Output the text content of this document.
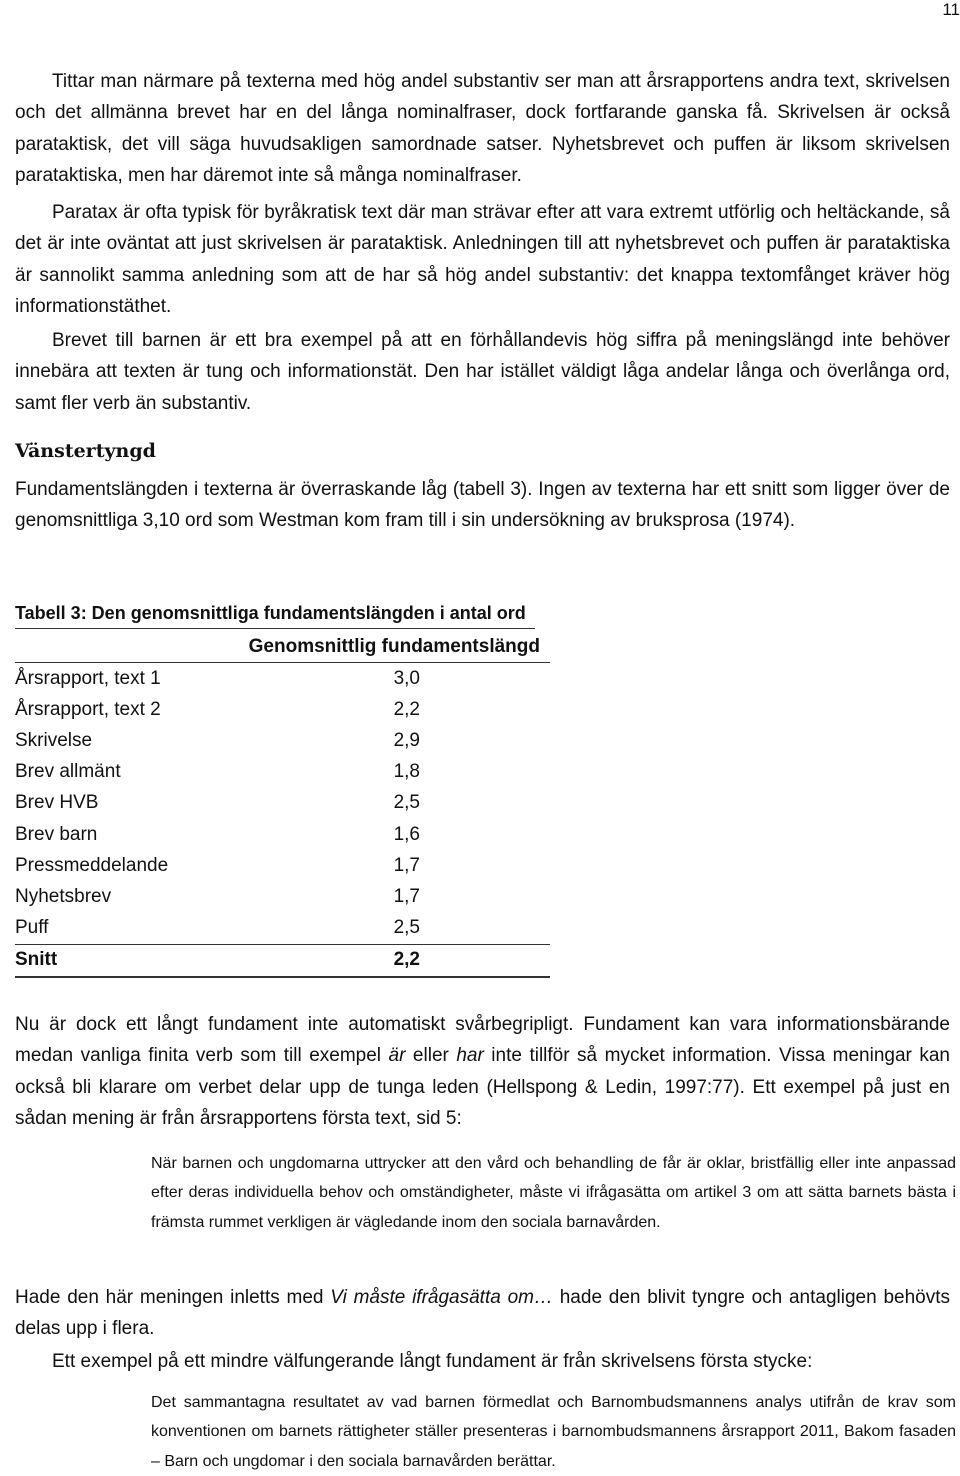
11

Tittar man närmare på texterna med hög andel substantiv ser man att årsrapportens andra text, skrivelsen och det allmänna brevet har en del långa nominalfraser, dock fortfarande ganska få. Skrivelsen är också parataktisk, det vill säga huvudsakligen samordnade satser. Nyhetsbrevet och puffen är liksom skrivelsen parataktiska, men har däremot inte så många nominalfraser.

Paratax är ofta typisk för byråkratisk text där man strävar efter att vara extremt utförlig och heltäckande, så det är inte oväntat att just skrivelsen är parataktisk. Anledningen till att nyhetsbrevet och puffen är parataktiska är sannolikt samma anledning som att de har så hög andel substantiv: det knappa textomfånget kräver hög informationstäthet.

Brevet till barnen är ett bra exempel på att en förhållandevis hög siffra på meningslängd inte behöver innebära att texten är tung och informationstät. Den har istället väldigt låga andelar långa och överlånga ord, samt fler verb än substantiv.

Vänstertyngd

Fundamentslängden i texterna är överraskande låg (tabell 3). Ingen av texterna har ett snitt som ligger över de genomsnittliga 3,10 ord som Westman kom fram till i sin undersökning av bruksprosa (1974).

Tabell 3: Den genomsnittliga fundamentslängden i antal ord
Genomsnittlig fundamentslängd		
Årsrapport, text 1	3,0	
Årsrapport, text 2	2,2	
Skrivelse	2,9	
Brev allmänt	1,8	
Brev HVB	2,5	
Brev barn	1,6	
Pressmeddelande	1,7	
Nyhetsbrev	1,7	
Puff	2,5	
Snitt	2,2	

Nu är dock ett långt fundament inte automatiskt svårbegripligt. Fundament kan vara informationsbärande medan vanliga finita verb som till exempel är eller har inte tillför så mycket information. Vissa meningar kan också bli klarare om verbet delar upp de tunga leden (Hellspong & Ledin, 1997:77). Ett exempel på just en sådan mening är från årsrapportens första text, sid 5:

När barnen och ungdomarna uttrycker att den vård och behandling de får är oklar, bristfällig eller inte anpassad efter deras individuella behov och omständigheter, måste vi ifrågasätta om artikel 3 om att sätta barnets bästa i främsta rummet verkligen är vägledande inom den sociala barnavården.

Hade den här meningen inletts med Vi måste ifrågasätta om… hade den blivit tyngre och antagligen behövts delas upp i flera.

Ett exempel på ett mindre välfungerande långt fundament är från skrivelsens första stycke:

Det sammantagna resultatet av vad barnen förmedlat och Barnombudsmannens analys utifrån de krav som konventionen om barnets rättigheter ställer presenteras i barnombudsmannens årsrapport 2011, Bakom fasaden – Barn och ungdomar i den sociala barnavården berättar.
